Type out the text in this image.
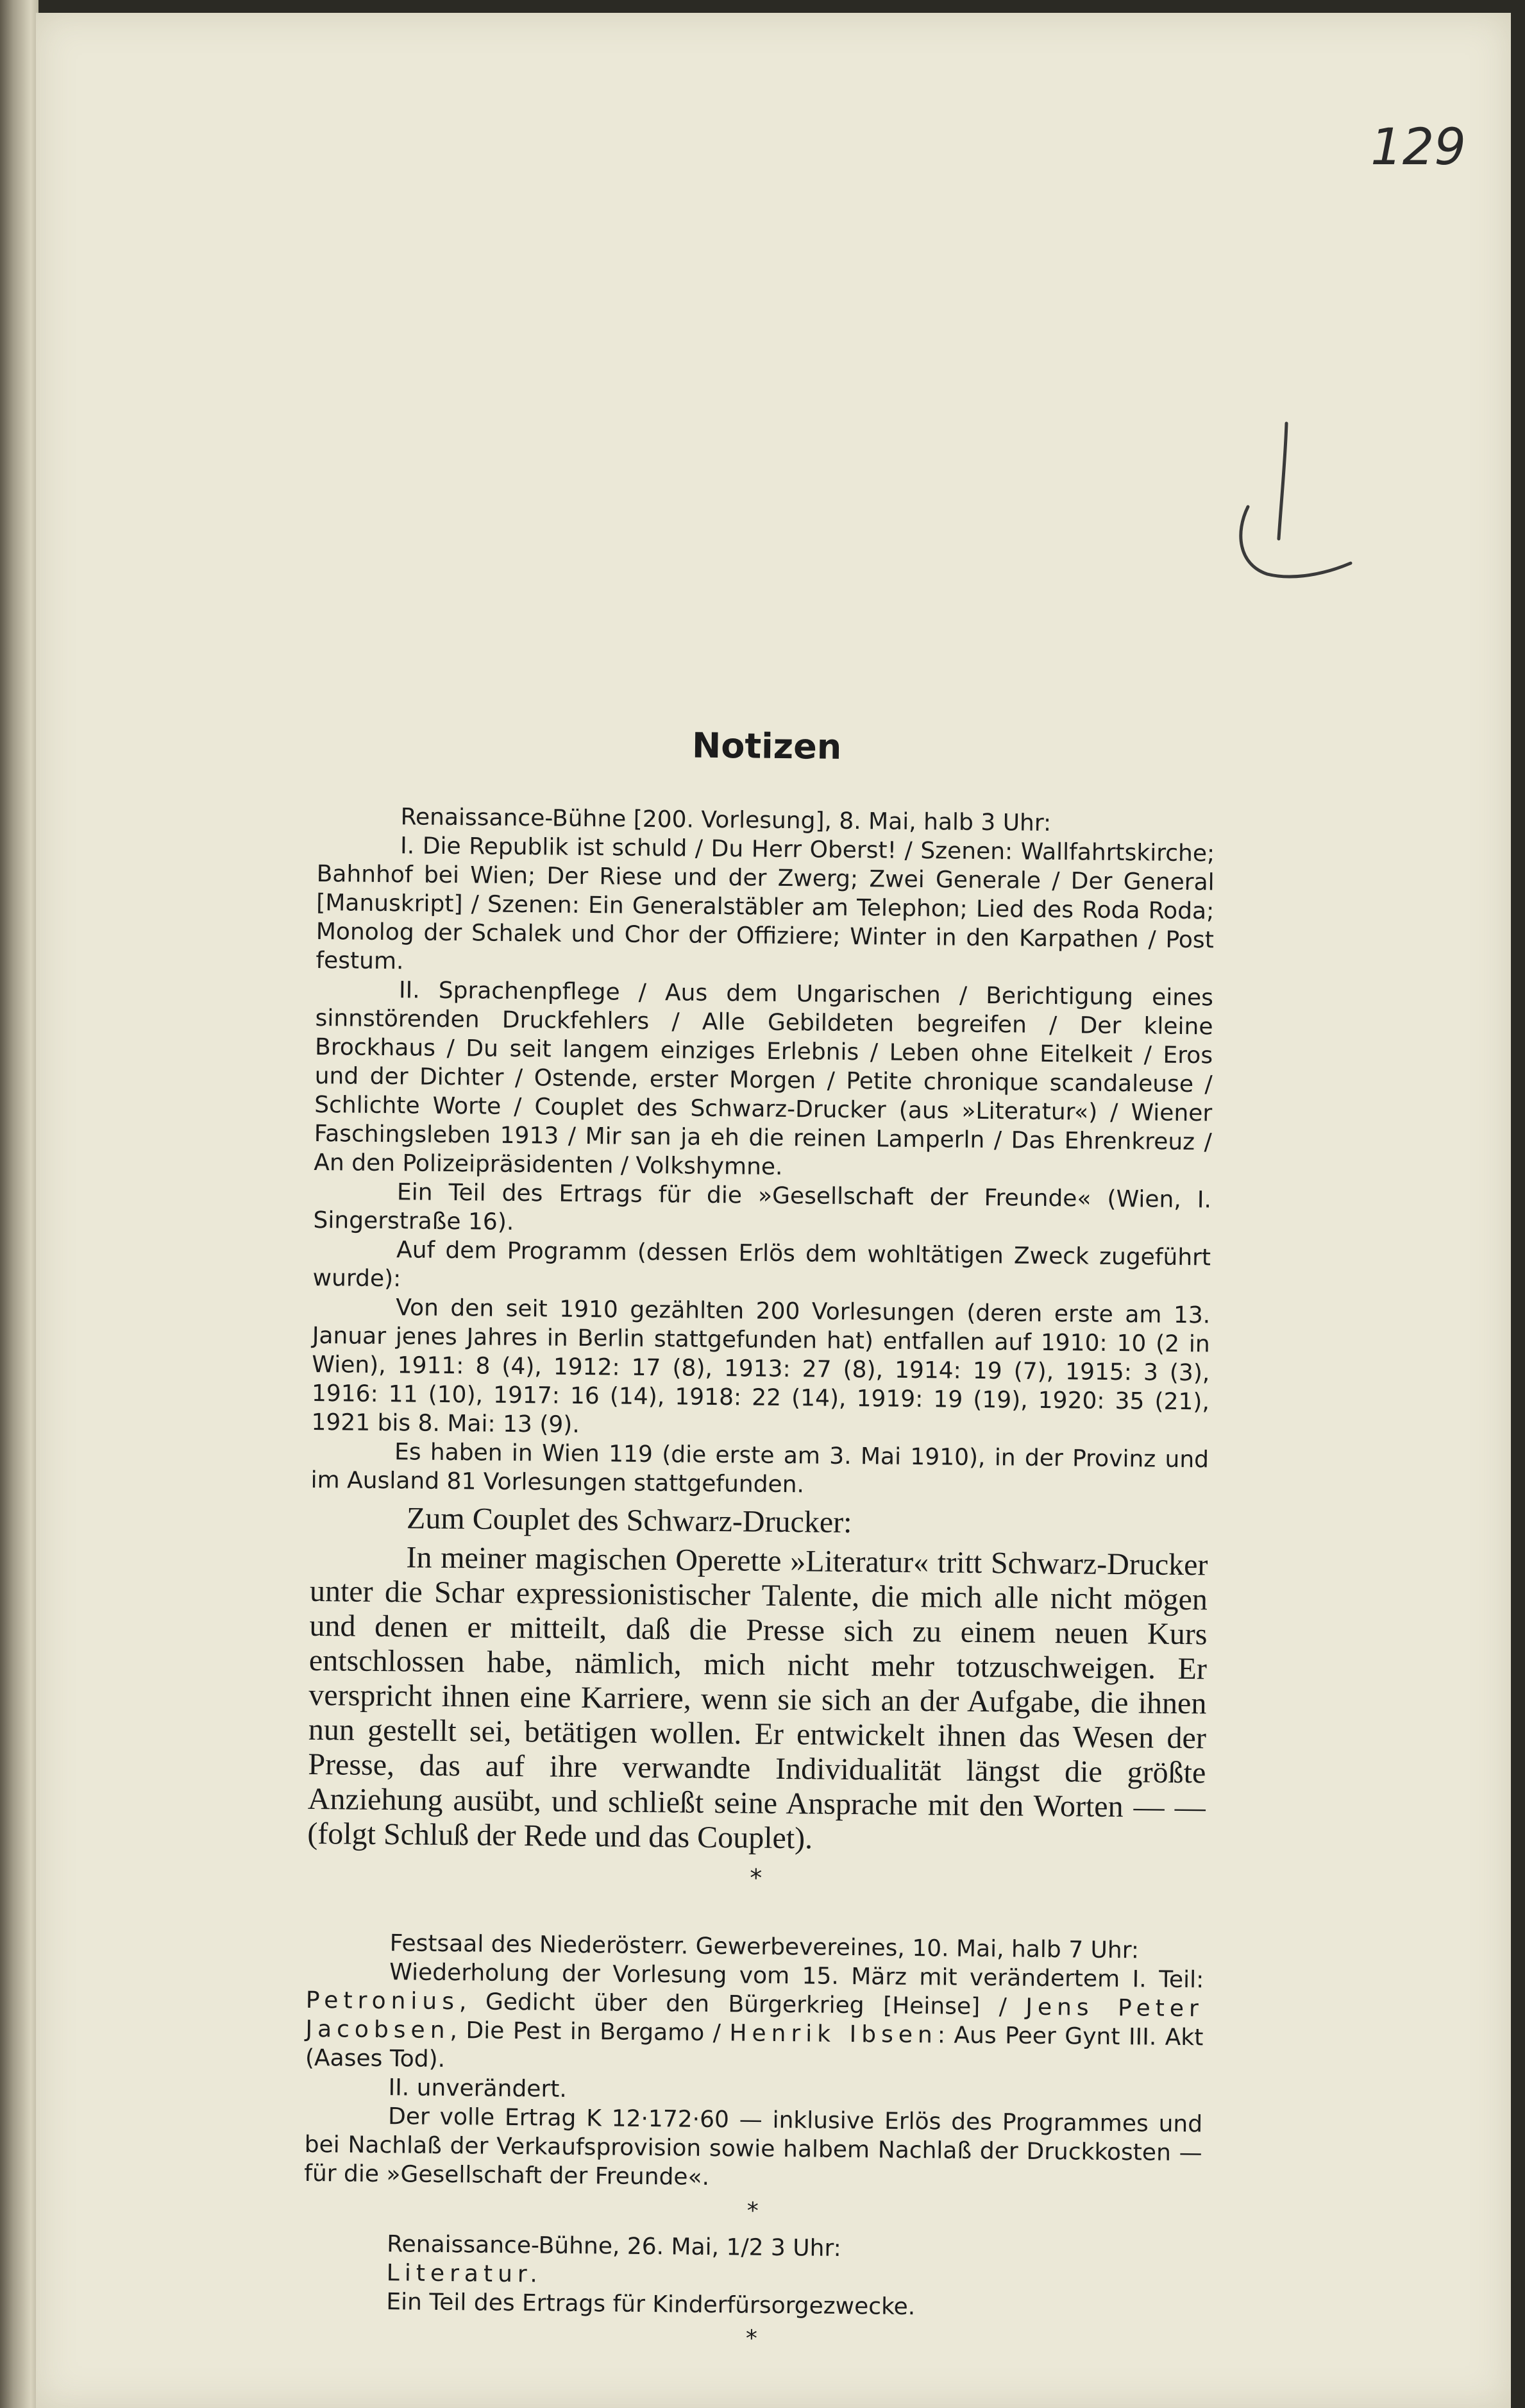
129
Notizen

Renaissance-Bühne [200. Vorlesung], 8. Mai, halb 3 Uhr:

I. Die Republik ist schuld / Du Herr Oberst! / Szenen: Wallfahrtskirche; Bahnhof bei Wien; Der Riese und der Zwerg; Zwei Generale / Der General [Manuskript] / Szenen: Ein Generalstäbler am Telephon; Lied des Roda Roda; Monolog der Schalek und Chor der Offiziere; Winter in den Karpathen / Post festum.

II. Sprachenpflege / Aus dem Ungarischen / Berichtigung eines sinnstörenden Druckfehlers / Alle Gebildeten begreifen / Der kleine Brockhaus / Du seit langem einziges Erlebnis / Leben ohne Eitelkeit / Eros und der Dichter / Ostende, erster Morgen / Petite chronique scandaleuse / Schlichte Worte / Couplet des Schwarz-Drucker (aus »Literatur«) / Wiener Faschingsleben 1913 / Mir san ja eh die reinen Lamperln / Das Ehrenkreuz / An den Polizeipräsidenten / Volkshymne.

Ein Teil des Ertrags für die »Gesellschaft der Freunde« (Wien, I. Singerstraße 16).

Auf dem Programm (dessen Erlös dem wohltätigen Zweck zugeführt wurde):

Von den seit 1910 gezählten 200 Vorlesungen (deren erste am 13. Januar jenes Jahres in Berlin stattgefunden hat) entfallen auf 1910: 10 (2 in Wien), 1911: 8 (4), 1912: 17 (8), 1913: 27 (8), 1914: 19 (7), 1915: 3 (3), 1916: 11 (10), 1917: 16 (14), 1918: 22 (14), 1919: 19 (19), 1920: 35 (21), 1921 bis 8. Mai: 13 (9).

Es haben in Wien 119 (die erste am 3. Mai 1910), in der Provinz und im Ausland 81 Vorlesungen stattgefunden.

Zum Couplet des Schwarz-Drucker:

In meiner magischen Operette »Literatur« tritt Schwarz-Drucker unter die Schar expressionistischer Talente, die mich alle nicht mögen und denen er mitteilt, daß die Presse sich zu einem neuen Kurs entschlossen habe, nämlich, mich nicht mehr totzuschweigen. Er verspricht ihnen eine Karriere, wenn sie sich an der Aufgabe, die ihnen nun gestellt sei, betätigen wollen. Er entwickelt ihnen das Wesen der Presse, das auf ihre verwandte Individualität längst die größte Anziehung ausübt, und schließt seine Ansprache mit den Worten — — (folgt Schluß der Rede und das Couplet).

*

Festsaal des Niederösterr. Gewerbevereines, 10. Mai, halb 7 Uhr:

Wiederholung der Vorlesung vom 15. März mit verändertem I. Teil: Petronius, Gedicht über den Bürgerkrieg [Heinse] / Jens Peter Jacobsen, Die Pest in Bergamo / Henrik Ibsen: Aus Peer Gynt III. Akt (Aases Tod).

II. unverändert.

Der volle Ertrag K 12·172·60 — inklusive Erlös des Programmes und bei Nachlaß der Verkaufsprovision sowie halbem Nachlaß der Druckkosten — für die »Gesellschaft der Freunde«.

*

Renaissance-Bühne, 26. Mai, 1/2 3 Uhr:

Literatur.

Ein Teil des Ertrags für Kinderfürsorgezwecke.

*
